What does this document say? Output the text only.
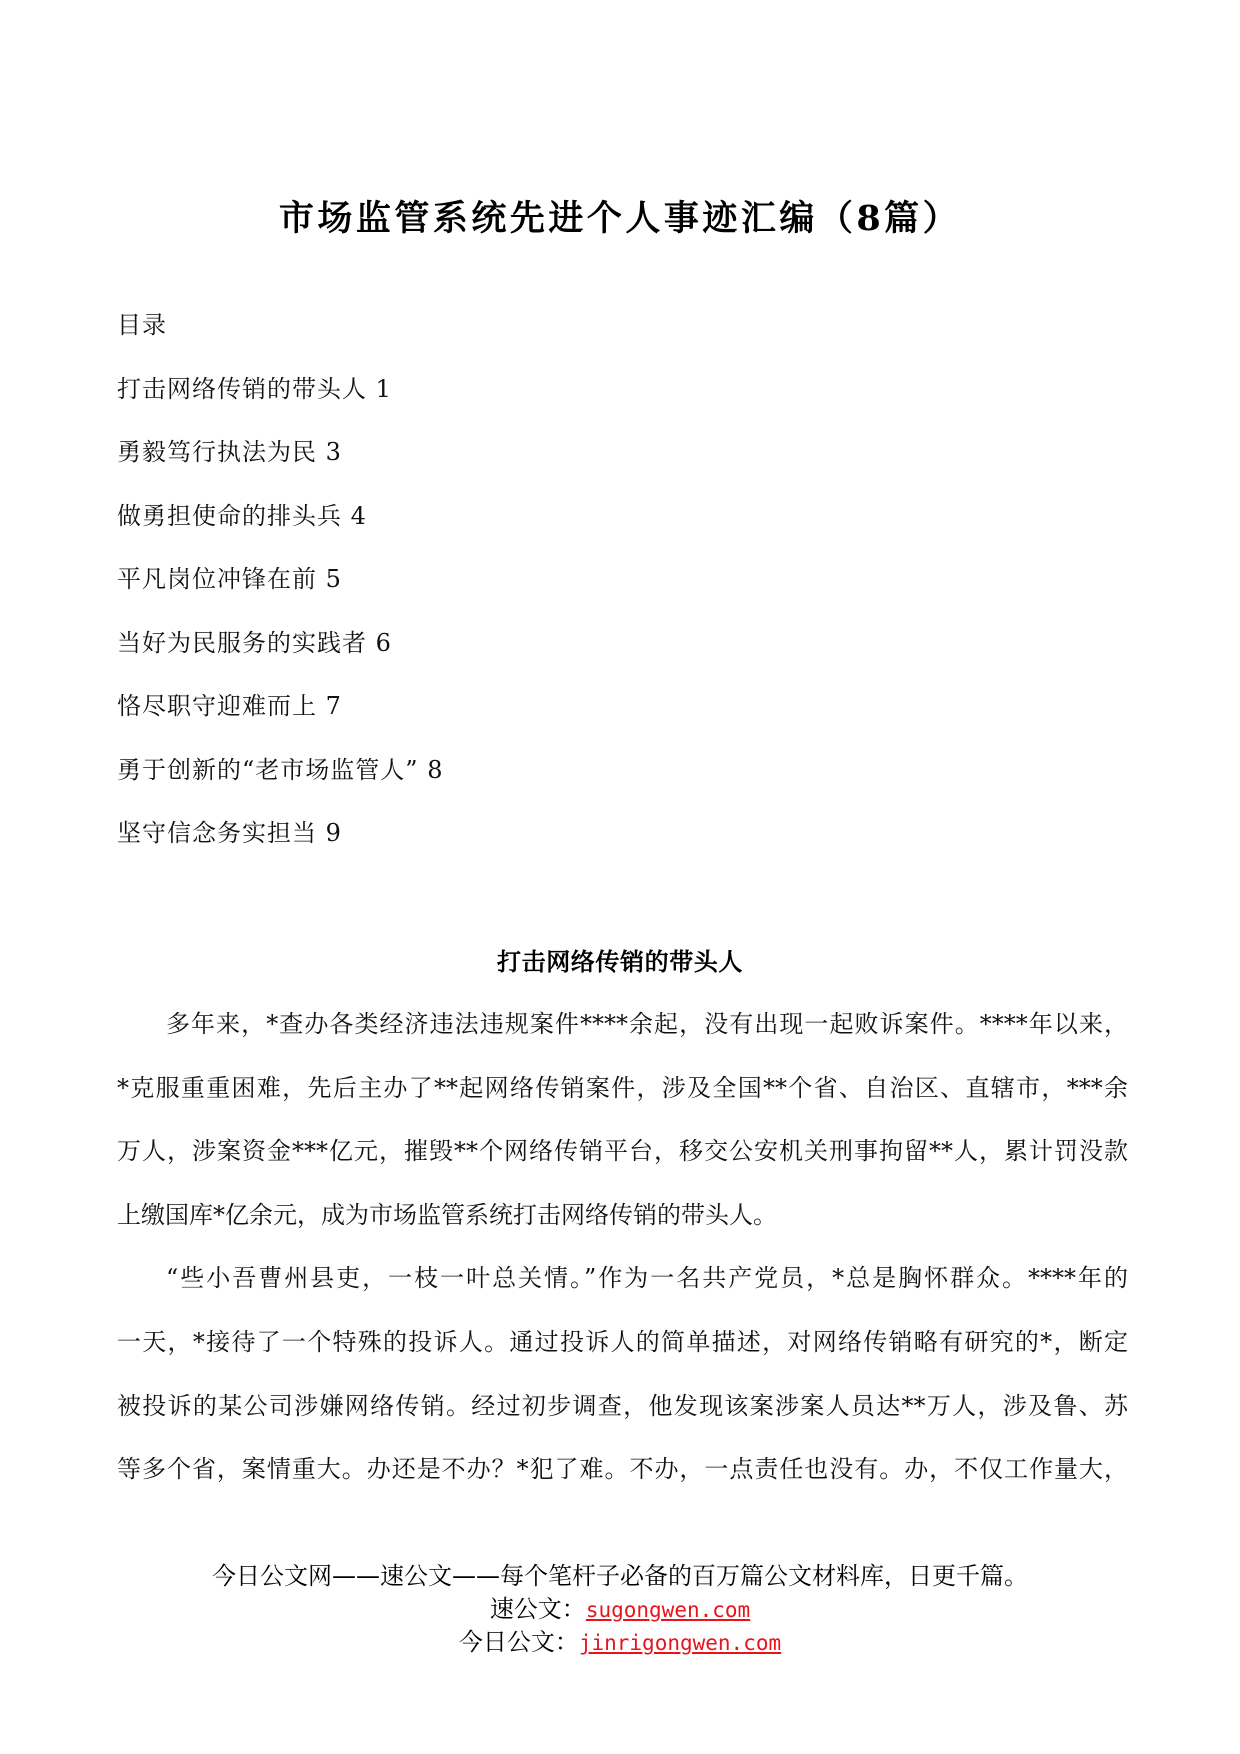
市场监管系统先进个人事迹汇编（8篇）
目录
打击网络传销的带头人 1
勇毅笃行执法为民 3
做勇担使命的排头兵 4
平凡岗位冲锋在前 5
当好为民服务的实践者 6
恪尽职守迎难而上 7
勇于创新的“老市场监管人” 8
坚守信念务实担当 9
打击网络传销的带头人
多年来，*查办各类经济违法违规案件****余起，没有出现一起败诉案件。****年以来，
*克服重重困难，先后主办了**起网络传销案件，涉及全国**个省、自治区、直辖市，***余
万人，涉案资金***亿元，摧毁**个网络传销平台，移交公安机关刑事拘留**人，累计罚没款
上缴国库*亿余元，成为市场监管系统打击网络传销的带头人。
“些小吾曹州县吏，一枝一叶总关情。”作为一名共产党员，*总是胸怀群众。****年的
一天，*接待了一个特殊的投诉人。通过投诉人的简单描述，对网络传销略有研究的*，断定
被投诉的某公司涉嫌网络传销。经过初步调查，他发现该案涉案人员达**万人，涉及鲁、苏
等多个省，案情重大。办还是不办？*犯了难。不办，一点责任也没有。办，不仅工作量大，
今日公文网——速公文——每个笔杆子必备的百万篇公文材料库，日更千篇。
速公文：sugongwen.com
今日公文：jinrigongwen.com
